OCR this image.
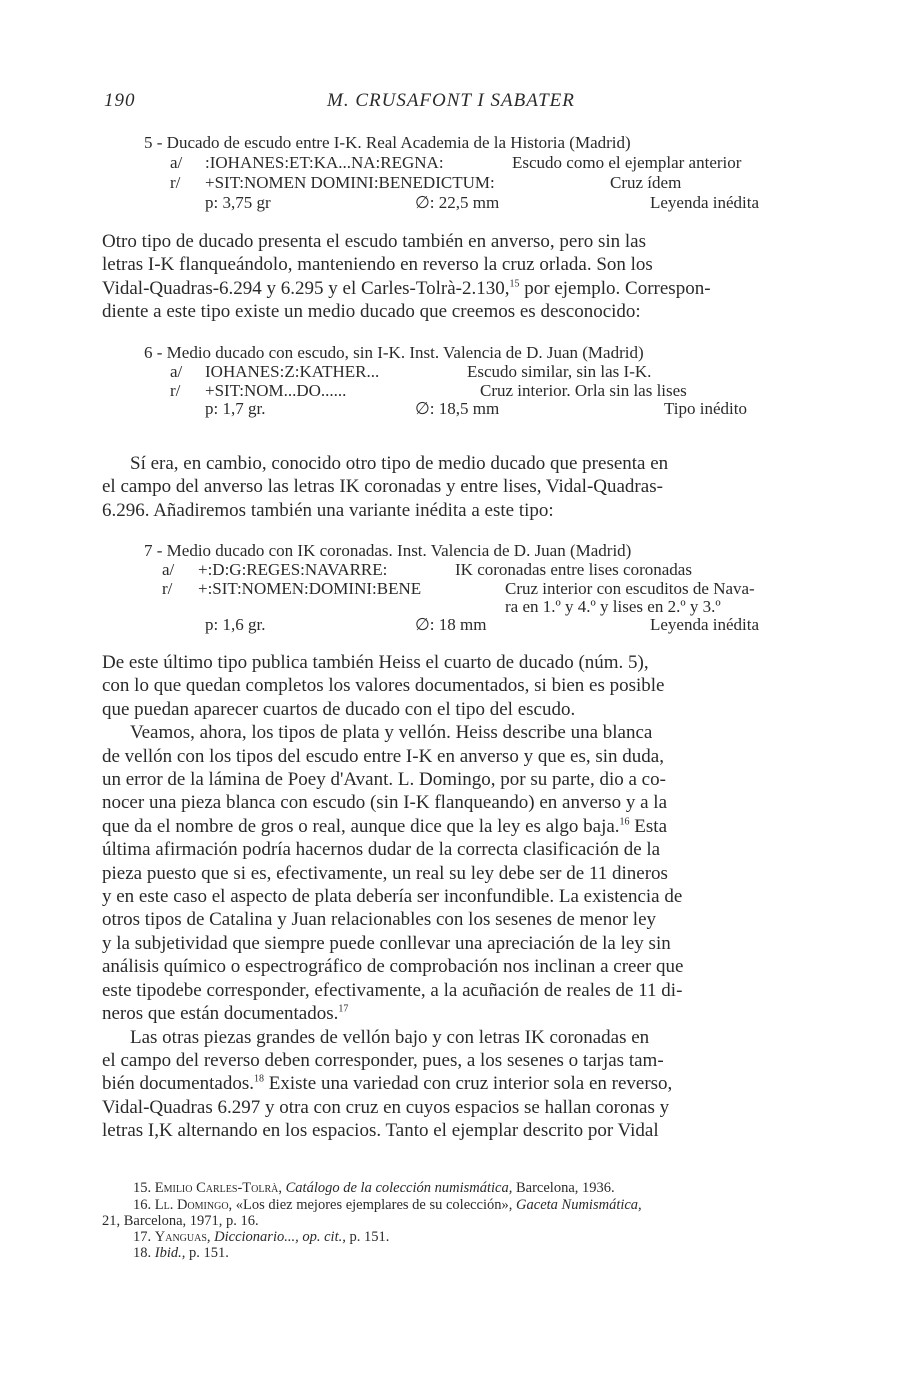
190	M. CRUSAFONT I SABATER
5 - Ducado de escudo entre I-K. Real Academia de la Historia (Madrid)
a/ :IOHANES:ET:KA...NA:REGNA:	Escudo como el ejemplar anterior
r/ +SIT:NOMEN DOMINI:BENEDICTUM:	Cruz ídem
p: 3,75 gr	∅: 22,5 mm	Leyenda inédita

Otro tipo de ducado presenta el escudo también en anverso, pero sin las

letras I-K flanqueándolo, manteniendo en reverso la cruz orlada. Son los

Vidal-Quadras-6.294 y 6.295 y el Carles-Tolrà-2.130,15 por ejemplo. Correspon-

diente a este tipo existe un medio ducado que creemos es desconocido:

6 - Medio ducado con escudo, sin I-K. Inst. Valencia de D. Juan (Madrid)
a/ IOHANES:Z:KATHER...	Escudo similar, sin las I-K.
r/ +SIT:NOM...DO......	Cruz interior. Orla sin las lises
p: 1,7 gr.	∅: 18,5 mm	Tipo inédito

Sí era, en cambio, conocido otro tipo de medio ducado que presenta en

el campo del anverso las letras IK coronadas y entre lises, Vidal-Quadras-

6.296. Añadiremos también una variante inédita a este tipo:

7 - Medio ducado con IK coronadas. Inst. Valencia de D. Juan (Madrid)
a/ +:D:G:REGES:NAVARRE:	IK coronadas entre lises coronadas
r/ +:SIT:NOMEN:DOMINI:BENE	Cruz interior con escuditos de Nava-
ra en 1.º y 4.º y lises en 2.º y 3.º
p: 1,6 gr.	∅: 18 mm	Leyenda inédita

De este último tipo publica también Heiss el cuarto de ducado (núm. 5),

con lo que quedan completos los valores documentados, si bien es posible

que puedan aparecer cuartos de ducado con el tipo del escudo.

Veamos, ahora, los tipos de plata y vellón. Heiss describe una blanca

de vellón con los tipos del escudo entre I-K en anverso y que es, sin duda,

un error de la lámina de Poey d'Avant. L. Domingo, por su parte, dio a co-

nocer una pieza blanca con escudo (sin I-K flanqueando) en anverso y a la

que da el nombre de gros o real, aunque dice que la ley es algo baja.$^{16}$ Esta

última afirmación podría hacernos dudar de la correcta clasificación de la

pieza puesto que si es, efectivamente, un real su ley debe ser de 11 dineros

y en este caso el aspecto de plata debería ser inconfundible. La existencia de

otros tipos de Catalina y Juan relacionables con los sesenes de menor ley

y la subjetividad que siempre puede conllevar una apreciación de la ley sin

análisis químico o espectrográfico de comprobación nos inclinan a creer que

este tipodebe corresponder, efectivamente, a la acuñación de reales de 11 di-

neros que están documentados.$^{17}$

Las otras piezas grandes de vellón bajo y con letras IK coronadas en

el campo del reverso deben corresponder, pues, a los sesenes o tarjas tam-

bién documentados.$^{18}$ Existe una variedad con cruz interior sola en reverso,

Vidal-Quadras 6.297 y otra con cruz en cuyos espacios se hallan coronas y

letras I,K alternando en los espacios. Tanto el ejemplar descrito por Vidal

15. Emilio Carles-Tolrà, Catálogo de la colección numismática, Barcelona, 1936.
16. Ll. Domingo, «Los diez mejores ejemplares de su colección», Gaceta Numismática,
21, Barcelona, 1971, p. 16.
17. Yanguas, Diccionario..., op. cit., p. 151.
18. Ibid., p. 151.
